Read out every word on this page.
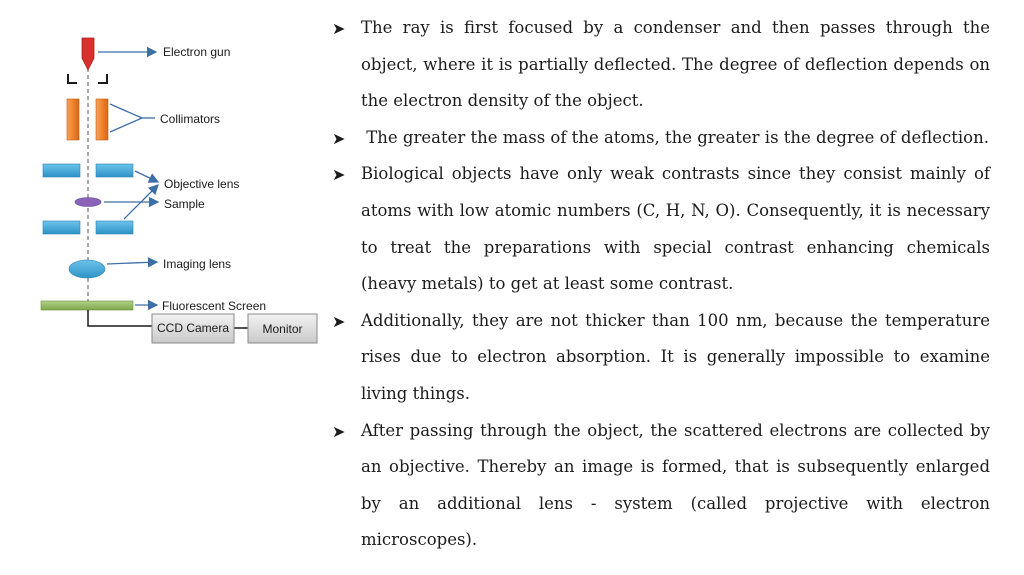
Electron gun
Collimators
Objective lens
Sample
Imaging lens
Fluorescent Screen
CCD Camera	Monitor
➤ The ray is first focused by a condenser and then passes through the object, where it is partially deflected. The degree of deflection depends on the electron density of the object.
➤ The greater the mass of the atoms, the greater is the degree of deflection.
➤ Biological objects have only weak contrasts since they consist mainly of atoms with low atomic numbers (C, H, N, O). Consequently, it is necessary to treat the preparations with special contrast enhancing chemicals (heavy metals) to get at least some contrast.
➤ Additionally, they are not thicker than 100 nm, because the temperature rises due to electron absorption. It is generally impossible to examine living things.
➤ After passing through the object, the scattered electrons are collected by an objective. Thereby an image is formed, that is subsequently enlarged by an additional lens - system (called projective with electron microscopes).
